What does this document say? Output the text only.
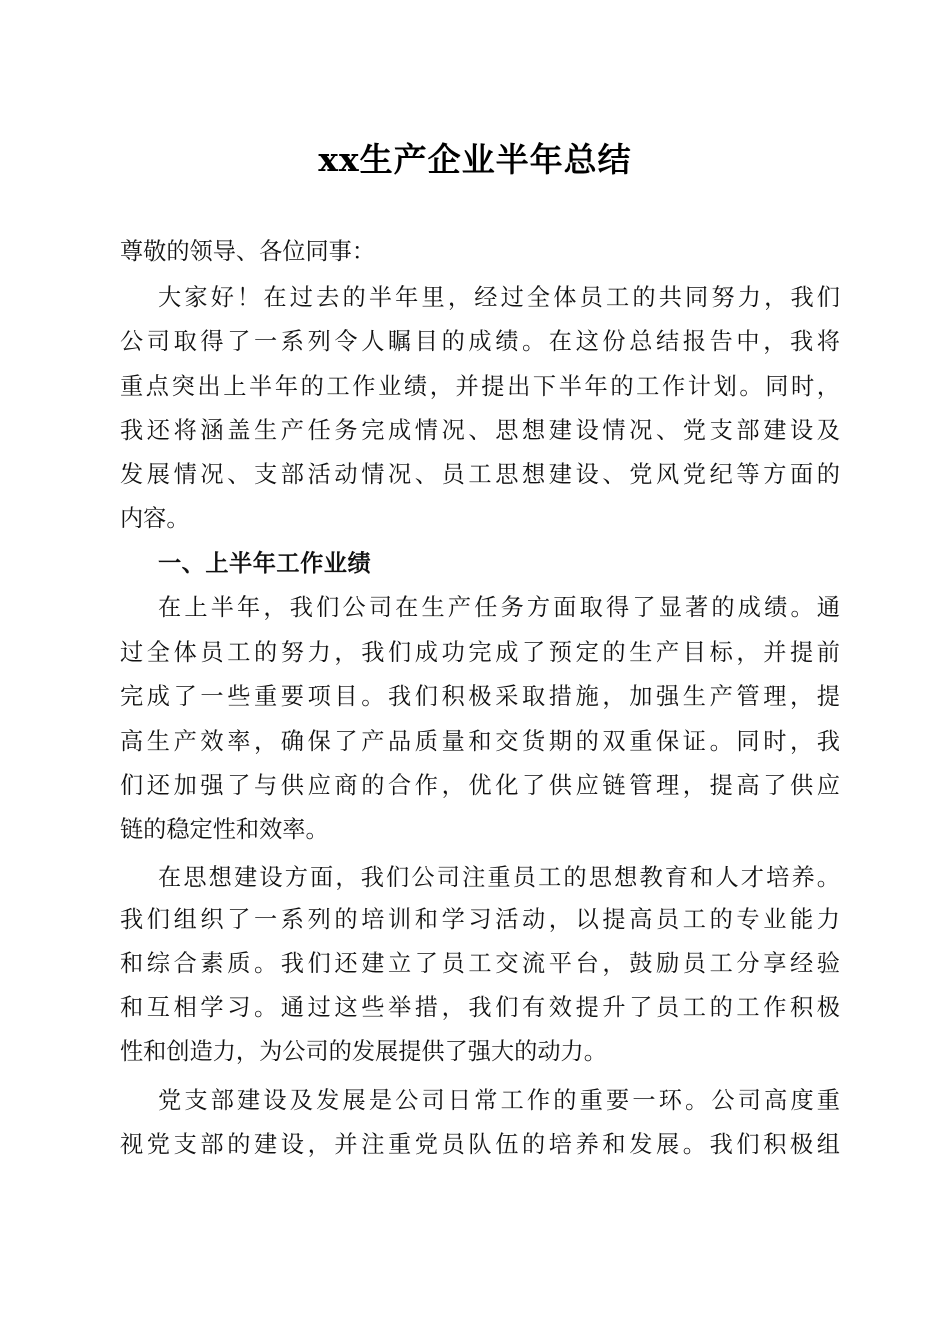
xx生产企业半年总结
尊敬的领导、各位同事：
大家好！在过去的半年里，经过全体员工的共同努力，我们
公司取得了一系列令人瞩目的成绩。在这份总结报告中，我将
重点突出上半年的工作业绩，并提出下半年的工作计划。同时，
我还将涵盖生产任务完成情况、思想建设情况、党支部建设及
发展情况、支部活动情况、员工思想建设、党风党纪等方面的
内容。
一、上半年工作业绩
在上半年，我们公司在生产任务方面取得了显著的成绩。通
过全体员工的努力，我们成功完成了预定的生产目标，并提前
完成了一些重要项目。我们积极采取措施，加强生产管理，提
高生产效率，确保了产品质量和交货期的双重保证。同时，我
们还加强了与供应商的合作，优化了供应链管理，提高了供应
链的稳定性和效率。
在思想建设方面，我们公司注重员工的思想教育和人才培养。
我们组织了一系列的培训和学习活动，以提高员工的专业能力
和综合素质。我们还建立了员工交流平台，鼓励员工分享经验
和互相学习。通过这些举措，我们有效提升了员工的工作积极
性和创造力，为公司的发展提供了强大的动力。
党支部建设及发展是公司日常工作的重要一环。公司高度重
视党支部的建设，并注重党员队伍的培养和发展。我们积极组
